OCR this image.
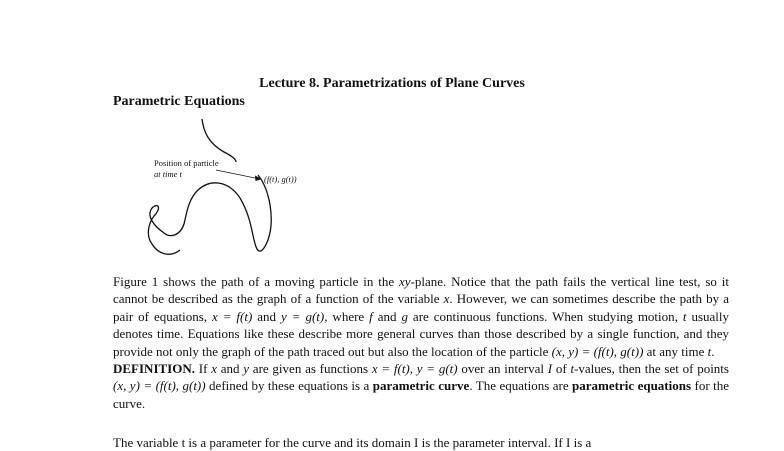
Lecture 8. Parametrizations of Plane Curves
Parametric Equations
Position of particle
at time t	(f(t), g(t))
Figure 1 shows the path of a moving particle in the xy-plane. Notice that the path fails the vertical line test, so it cannot be described as the graph of a function of the variable x. However, we can sometimes describe the path by a pair of equations, x = f(t) and y = g(t), where f and g are continuous functions. When studying motion, t usually denotes time. Equations like these describe more general curves than those described by a single function, and they provide not only the graph of the path traced out but also the location of the particle (x, y) = (f(t), g(t)) at any time t.
DEFINITION. If x and y are given as functions x = f(t), y = g(t) over an interval I of t-values, then the set of points (x, y) = (f(t), g(t)) defined by these equations is a parametric curve. The equations are parametric equations for the curve.
The variable t is a parameter for the curve and its domain I is the parameter interval. If I is a
